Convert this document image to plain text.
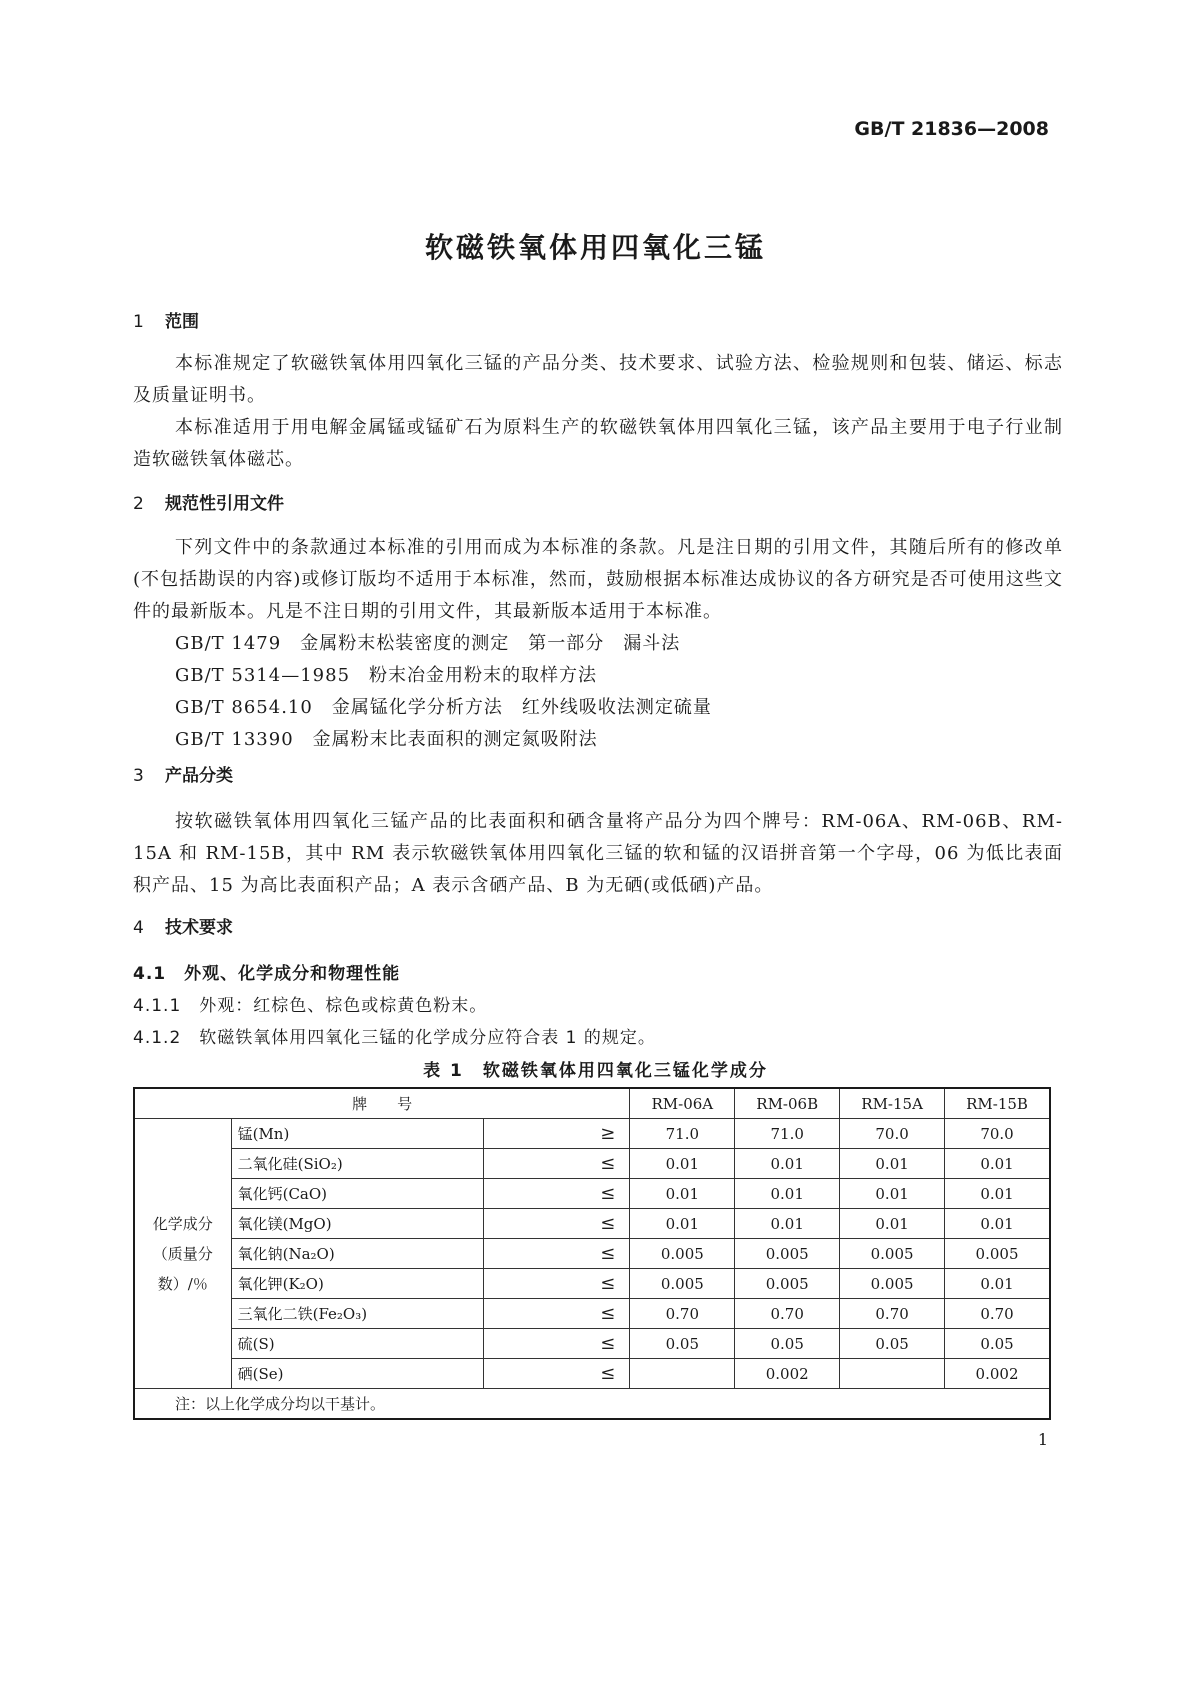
GB/T 21836—2008
软磁铁氧体用四氧化三锰
1 范围
本标准规定了软磁铁氧体用四氧化三锰的产品分类、技术要求、试验方法、检验规则和包装、储运、标志及质量证明书。
本标准适用于用电解金属锰或锰矿石为原料生产的软磁铁氧体用四氧化三锰，该产品主要用于电子行业制造软磁铁氧体磁芯。
2 规范性引用文件
下列文件中的条款通过本标准的引用而成为本标准的条款。凡是注日期的引用文件，其随后所有的修改单(不包括勘误的内容)或修订版均不适用于本标准，然而，鼓励根据本标准达成协议的各方研究是否可使用这些文件的最新版本。凡是不注日期的引用文件，其最新版本适用于本标准。
GB/T 1479　金属粉末松装密度的测定　第一部分　漏斗法
GB/T 5314—1985　粉末冶金用粉末的取样方法
GB/T 8654.10　金属锰化学分析方法　红外线吸收法测定硫量
GB/T 13390　金属粉末比表面积的测定氮吸附法
3 产品分类
按软磁铁氧体用四氧化三锰产品的比表面积和硒含量将产品分为四个牌号：RM-06A、RM-06B、RM-15A 和 RM-15B，其中 RM 表示软磁铁氧体用四氧化三锰的软和锰的汉语拼音第一个字母，06 为低比表面积产品、15 为高比表面积产品；A 表示含硒产品、B 为无硒(或低硒)产品。
4 技术要求
4.1　 外观、化学成分和物理性能
4.1.1　 外观：红棕色、棕色或棕黄色粉末。
4.1.2　 软磁铁氧体用四氧化三锰的化学成分应符合表 1 的规定。
表 1　软磁铁氧体用四氧化三锰化学成分
牌　　号			RM-06A	RM-06B	RM-15A	RM-15B

化学成分
（质量分
数）/％	锰(Mn)	≥	71.0	71.0	70.0	70.0
	二氧化硅(SiO₂)	≤	0.01	0.01	0.01	0.01
	氧化钙(CaO)	≤	0.01	0.01	0.01	0.01
	氧化镁(MgO)	≤	0.01	0.01	0.01	0.01
	氧化钠(Na₂O)	≤	0.005	0.005	0.005	0.005
	氧化钾(K₂O)	≤	0.005	0.005	0.005	0.01
	三氧化二铁(Fe₂O₃)	≤	0.70	0.70	0.70	0.70
	硫(S)	≤	0.05	0.05	0.05	0.05
	硒(Se)	≤		0.002		0.002
注：以上化学成分均以干基计。						
1
